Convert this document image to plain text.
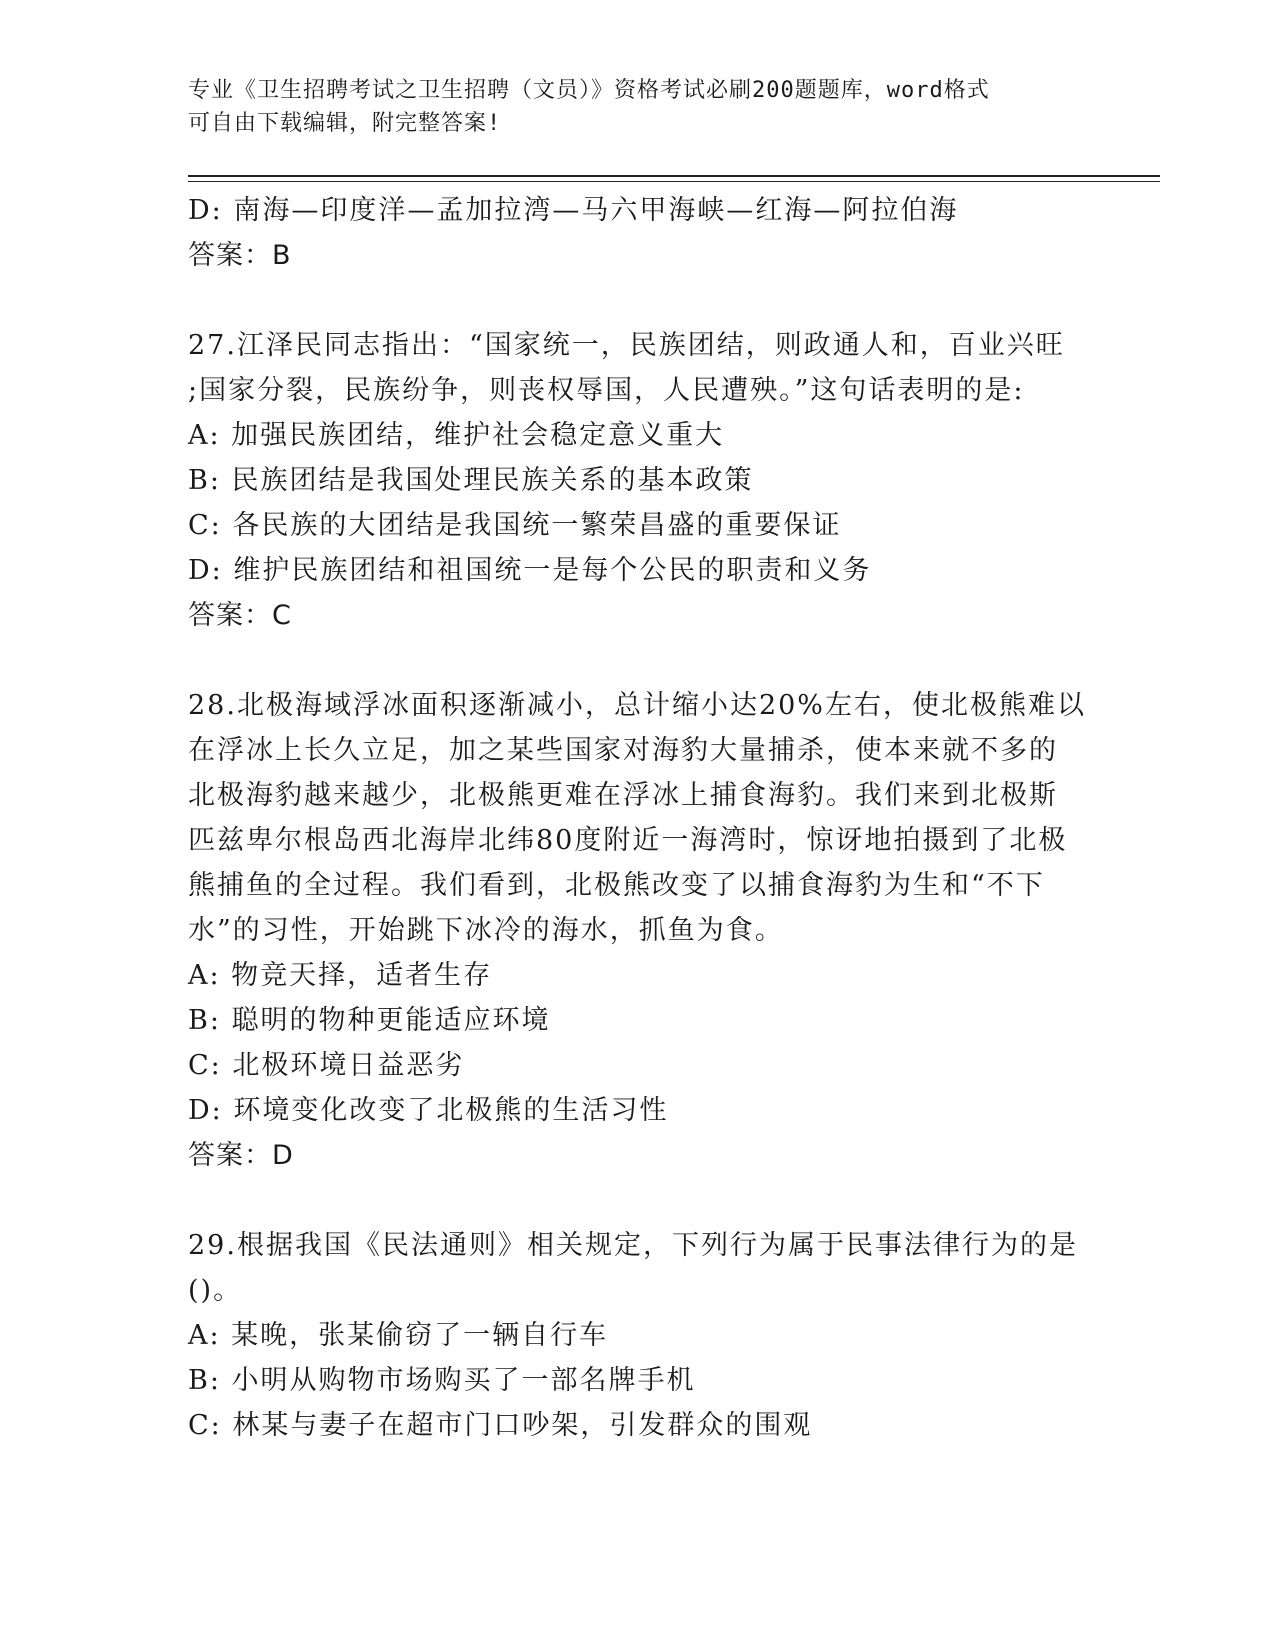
专业《卫生招聘考试之卫生招聘（文员）》资格考试必刷200题题库，word格式
可自由下载编辑，附完整答案!
D: 南海—印度洋—孟加拉湾—马六甲海峡—红海—阿拉伯海
答案：B
27.江泽民同志指出：“国家统一，民族团结，则政通人和，百业兴旺
;国家分裂，民族纷争，则丧权辱国，人民遭殃。”这句话表明的是:
A: 加强民族团结，维护社会稳定意义重大
B: 民族团结是我国处理民族关系的基本政策
C: 各民族的大团结是我国统一繁荣昌盛的重要保证
D: 维护民族团结和祖国统一是每个公民的职责和义务
答案：C
28.北极海域浮冰面积逐渐减小，总计缩小达20%左右，使北极熊难以
在浮冰上长久立足，加之某些国家对海豹大量捕杀，使本来就不多的
北极海豹越来越少，北极熊更难在浮冰上捕食海豹。我们来到北极斯
匹兹卑尔根岛西北海岸北纬80度附近一海湾时，惊讶地拍摄到了北极
熊捕鱼的全过程。我们看到，北极熊改变了以捕食海豹为生和“不下
水”的习性，开始跳下冰冷的海水，抓鱼为食。
A: 物竞天择，适者生存
B: 聪明的物种更能适应环境
C: 北极环境日益恶劣
D: 环境变化改变了北极熊的生活习性
答案：D
29.根据我国《民法通则》相关规定，下列行为属于民事法律行为的是
()。
A: 某晚，张某偷窃了一辆自行车
B: 小明从购物市场购买了一部名牌手机
C: 林某与妻子在超市门口吵架，引发群众的围观
